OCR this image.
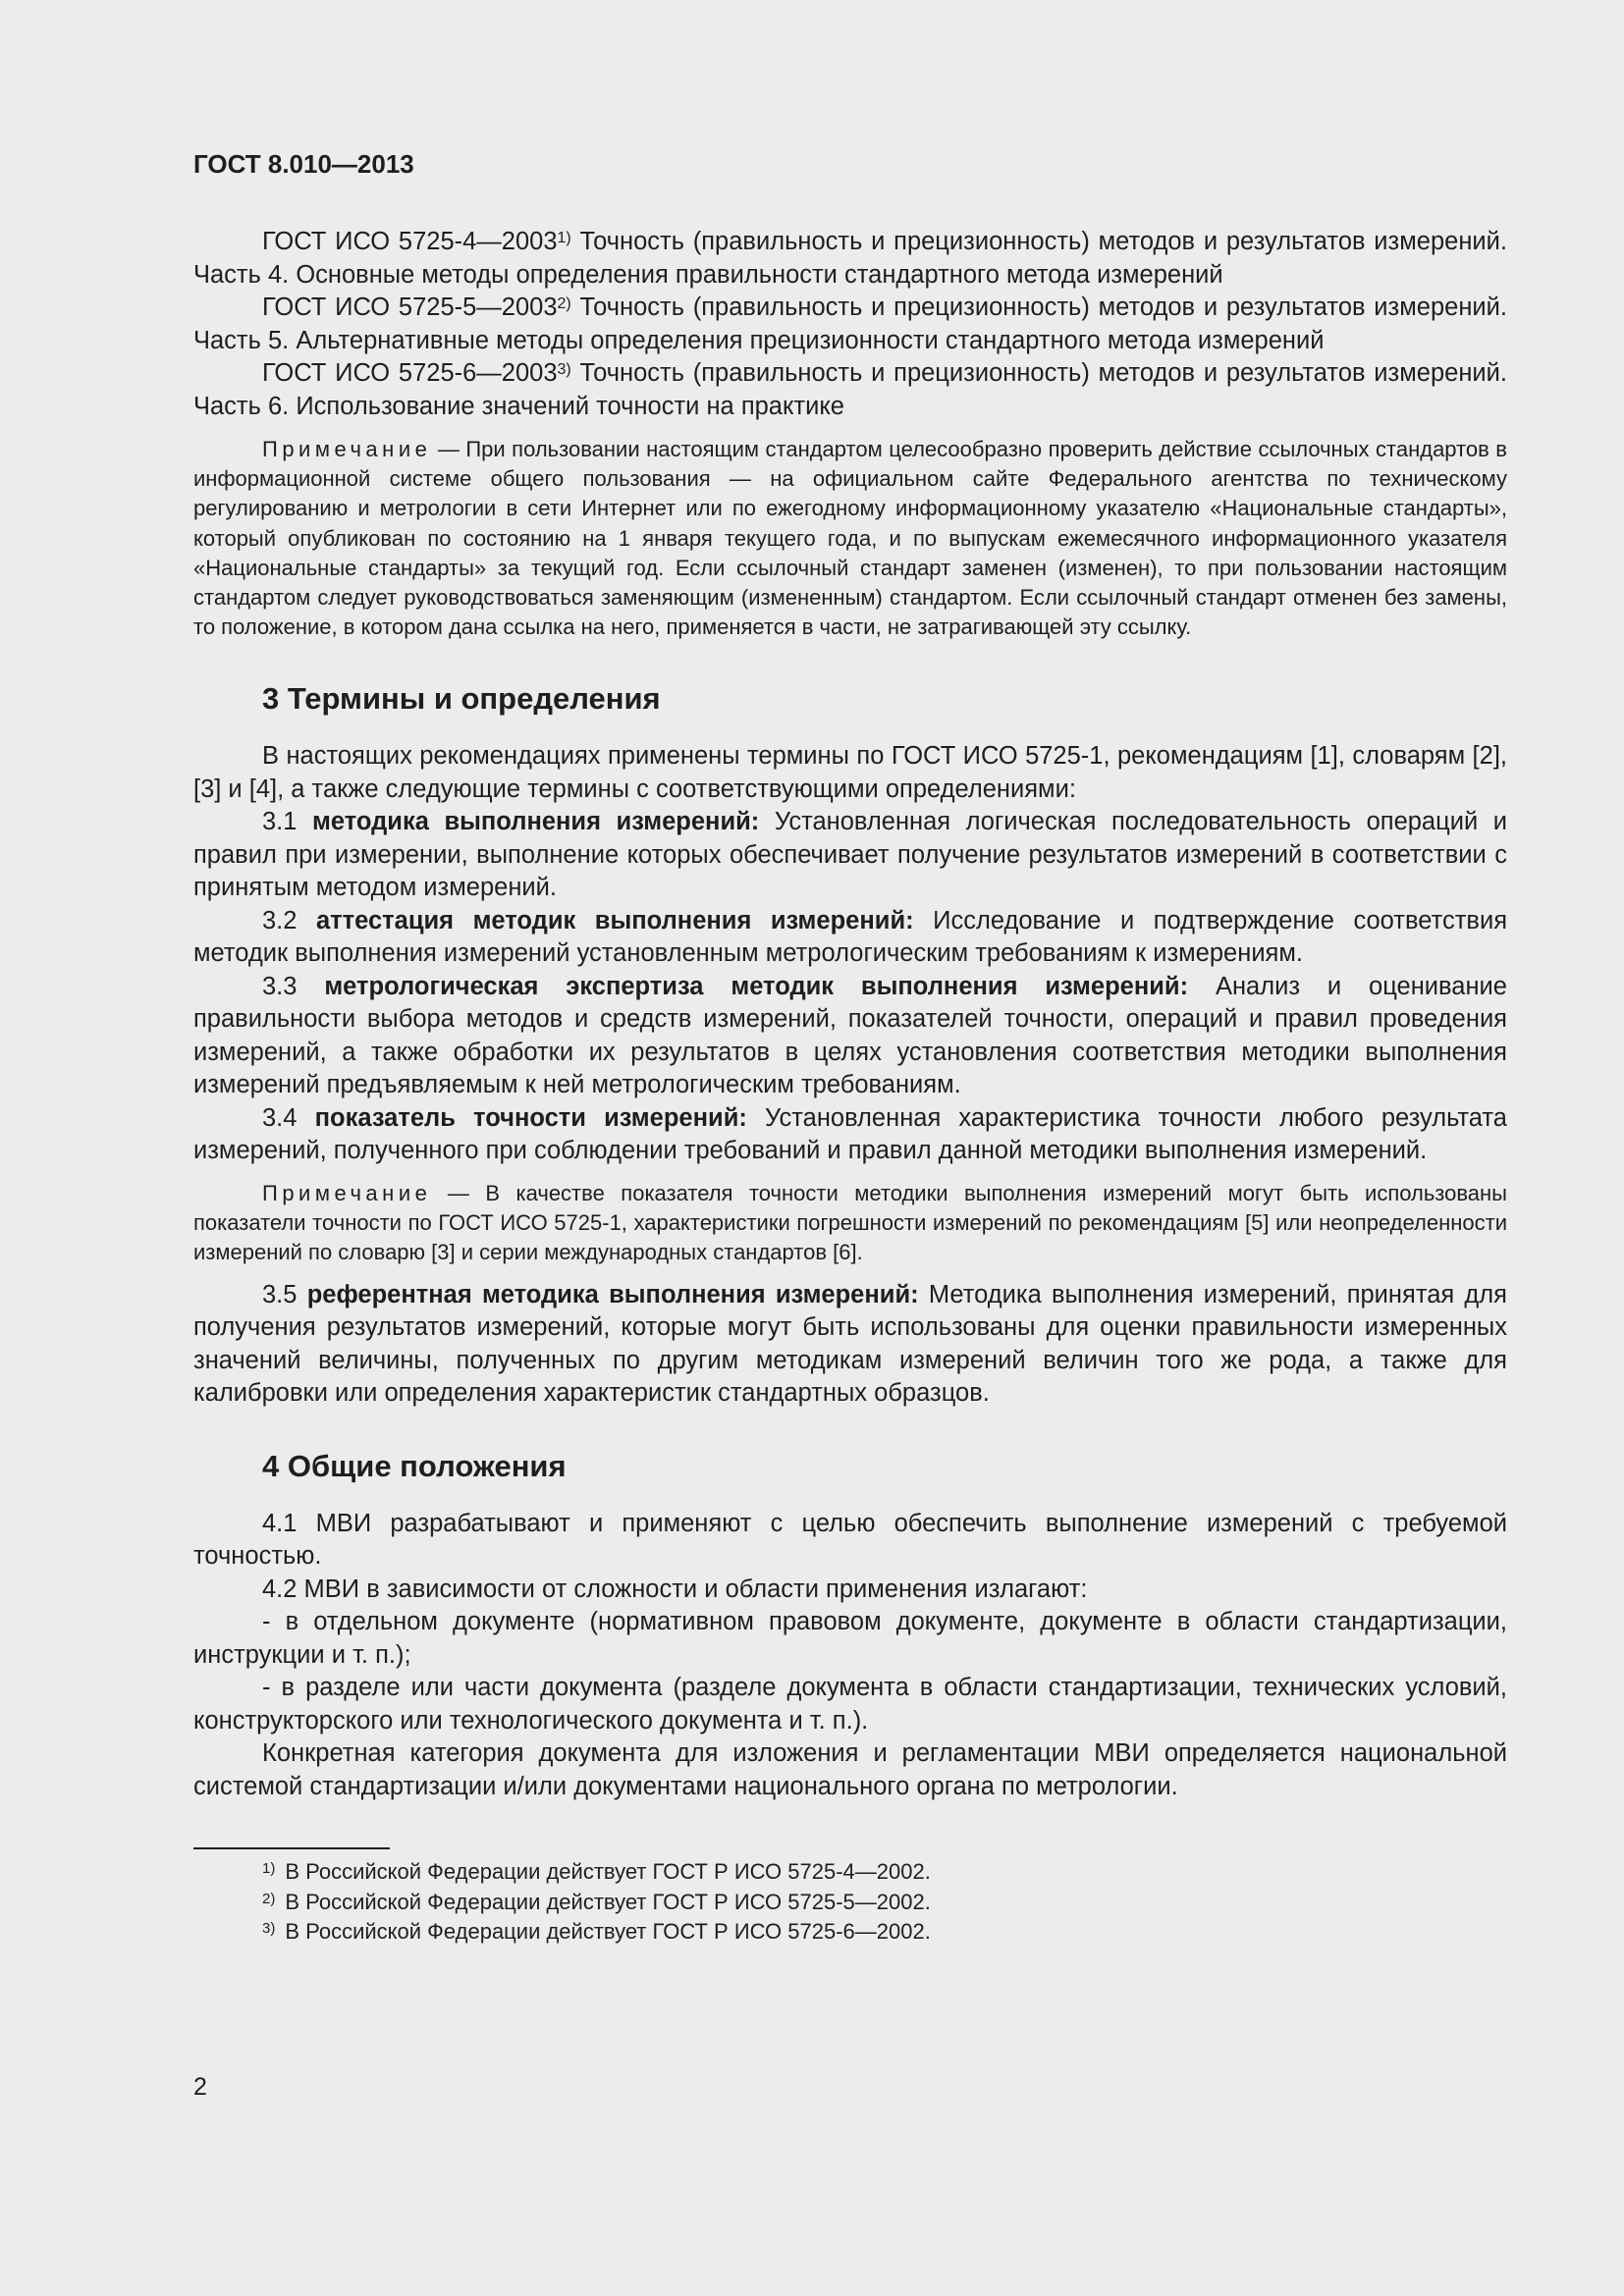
ГОСТ 8.010—2013

ГОСТ ИСО 5725-4—2003$^{1)}$ Точность (правильность и прецизионность) методов и результатов измерений. Часть 4. Основные методы определения правильности стандартного метода измерений

ГОСТ ИСО 5725-5—2003$^{2)}$ Точность (правильность и прецизионность) методов и результатов измерений. Часть 5. Альтернативные методы определения прецизионности стандартного метода измерений

ГОСТ ИСО 5725-6—2003$^{3)}$ Точность (правильность и прецизионность) методов и результатов измерений. Часть 6. Использование значений точности на практике

Примечание — При пользовании настоящим стандартом целесообразно проверить действие ссылочных стандартов в информационной системе общего пользования — на официальном сайте Федерального агентства по техническому регулированию и метрологии в сети Интернет или по ежегодному информационному указателю «Национальные стандарты», который опубликован по состоянию на 1 января текущего года, и по выпускам ежемесячного информационного указателя «Национальные стандарты» за текущий год. Если ссылочный стандарт заменен (изменен), то при пользовании настоящим стандартом следует руководствоваться заменяющим (измененным) стандартом. Если ссылочный стандарт отменен без замены, то положение, в котором дана ссылка на него, применяется в части, не затрагивающей эту ссылку.

3 Термины и определения

В настоящих рекомендациях применены термины по ГОСТ ИСО 5725-1, рекомендациям [1], словарям [2], [3] и [4], а также следующие термины с соответствующими определениями:

3.1 методика выполнения измерений: Установленная логическая последовательность операций и правил при измерении, выполнение которых обеспечивает получение результатов измерений в соответствии с принятым методом измерений.

3.2 аттестация методик выполнения измерений: Исследование и подтверждение соответствия методик выполнения измерений установленным метрологическим требованиям к измерениям.

3.3 метрологическая экспертиза методик выполнения измерений: Анализ и оценивание правильности выбора методов и средств измерений, показателей точности, операций и правил проведения измерений, а также обработки их результатов в целях установления соответствия методики выполнения измерений предъявляемым к ней метрологическим требованиям.

3.4 показатель точности измерений: Установленная характеристика точности любого результата измерений, полученного при соблюдении требований и правил данной методики выполнения измерений.

Примечание — В качестве показателя точности методики выполнения измерений могут быть использованы показатели точности по ГОСТ ИСО 5725-1, характеристики погрешности измерений по рекомендациям [5] или неопределенности измерений по словарю [3] и серии международных стандартов [6].

3.5 референтная методика выполнения измерений: Методика выполнения измерений, принятая для получения результатов измерений, которые могут быть использованы для оценки правильности измеренных значений величины, полученных по другим методикам измерений величин того же рода, а также для калибровки или определения характеристик стандартных образцов.

4 Общие положения

4.1 МВИ разрабатывают и применяют с целью обеспечить выполнение измерений с требуемой точностью.

4.2 МВИ в зависимости от сложности и области применения излагают:

- в отдельном документе (нормативном правовом документе, документе в области стандартизации, инструкции и т. п.);

- в разделе или части документа (разделе документа в области стандартизации, технических условий, конструкторского или технологического документа и т. п.).

Конкретная категория документа для изложения и регламентации МВИ определяется национальной системой стандартизации и/или документами национального органа по метрологии.

$^{1)}$ В Российской Федерации действует ГОСТ Р ИСО 5725-4—2002.
$^{2)}$ В Российской Федерации действует ГОСТ Р ИСО 5725-5—2002.
$^{3)}$ В Российской Федерации действует ГОСТ Р ИСО 5725-6—2002.
2
